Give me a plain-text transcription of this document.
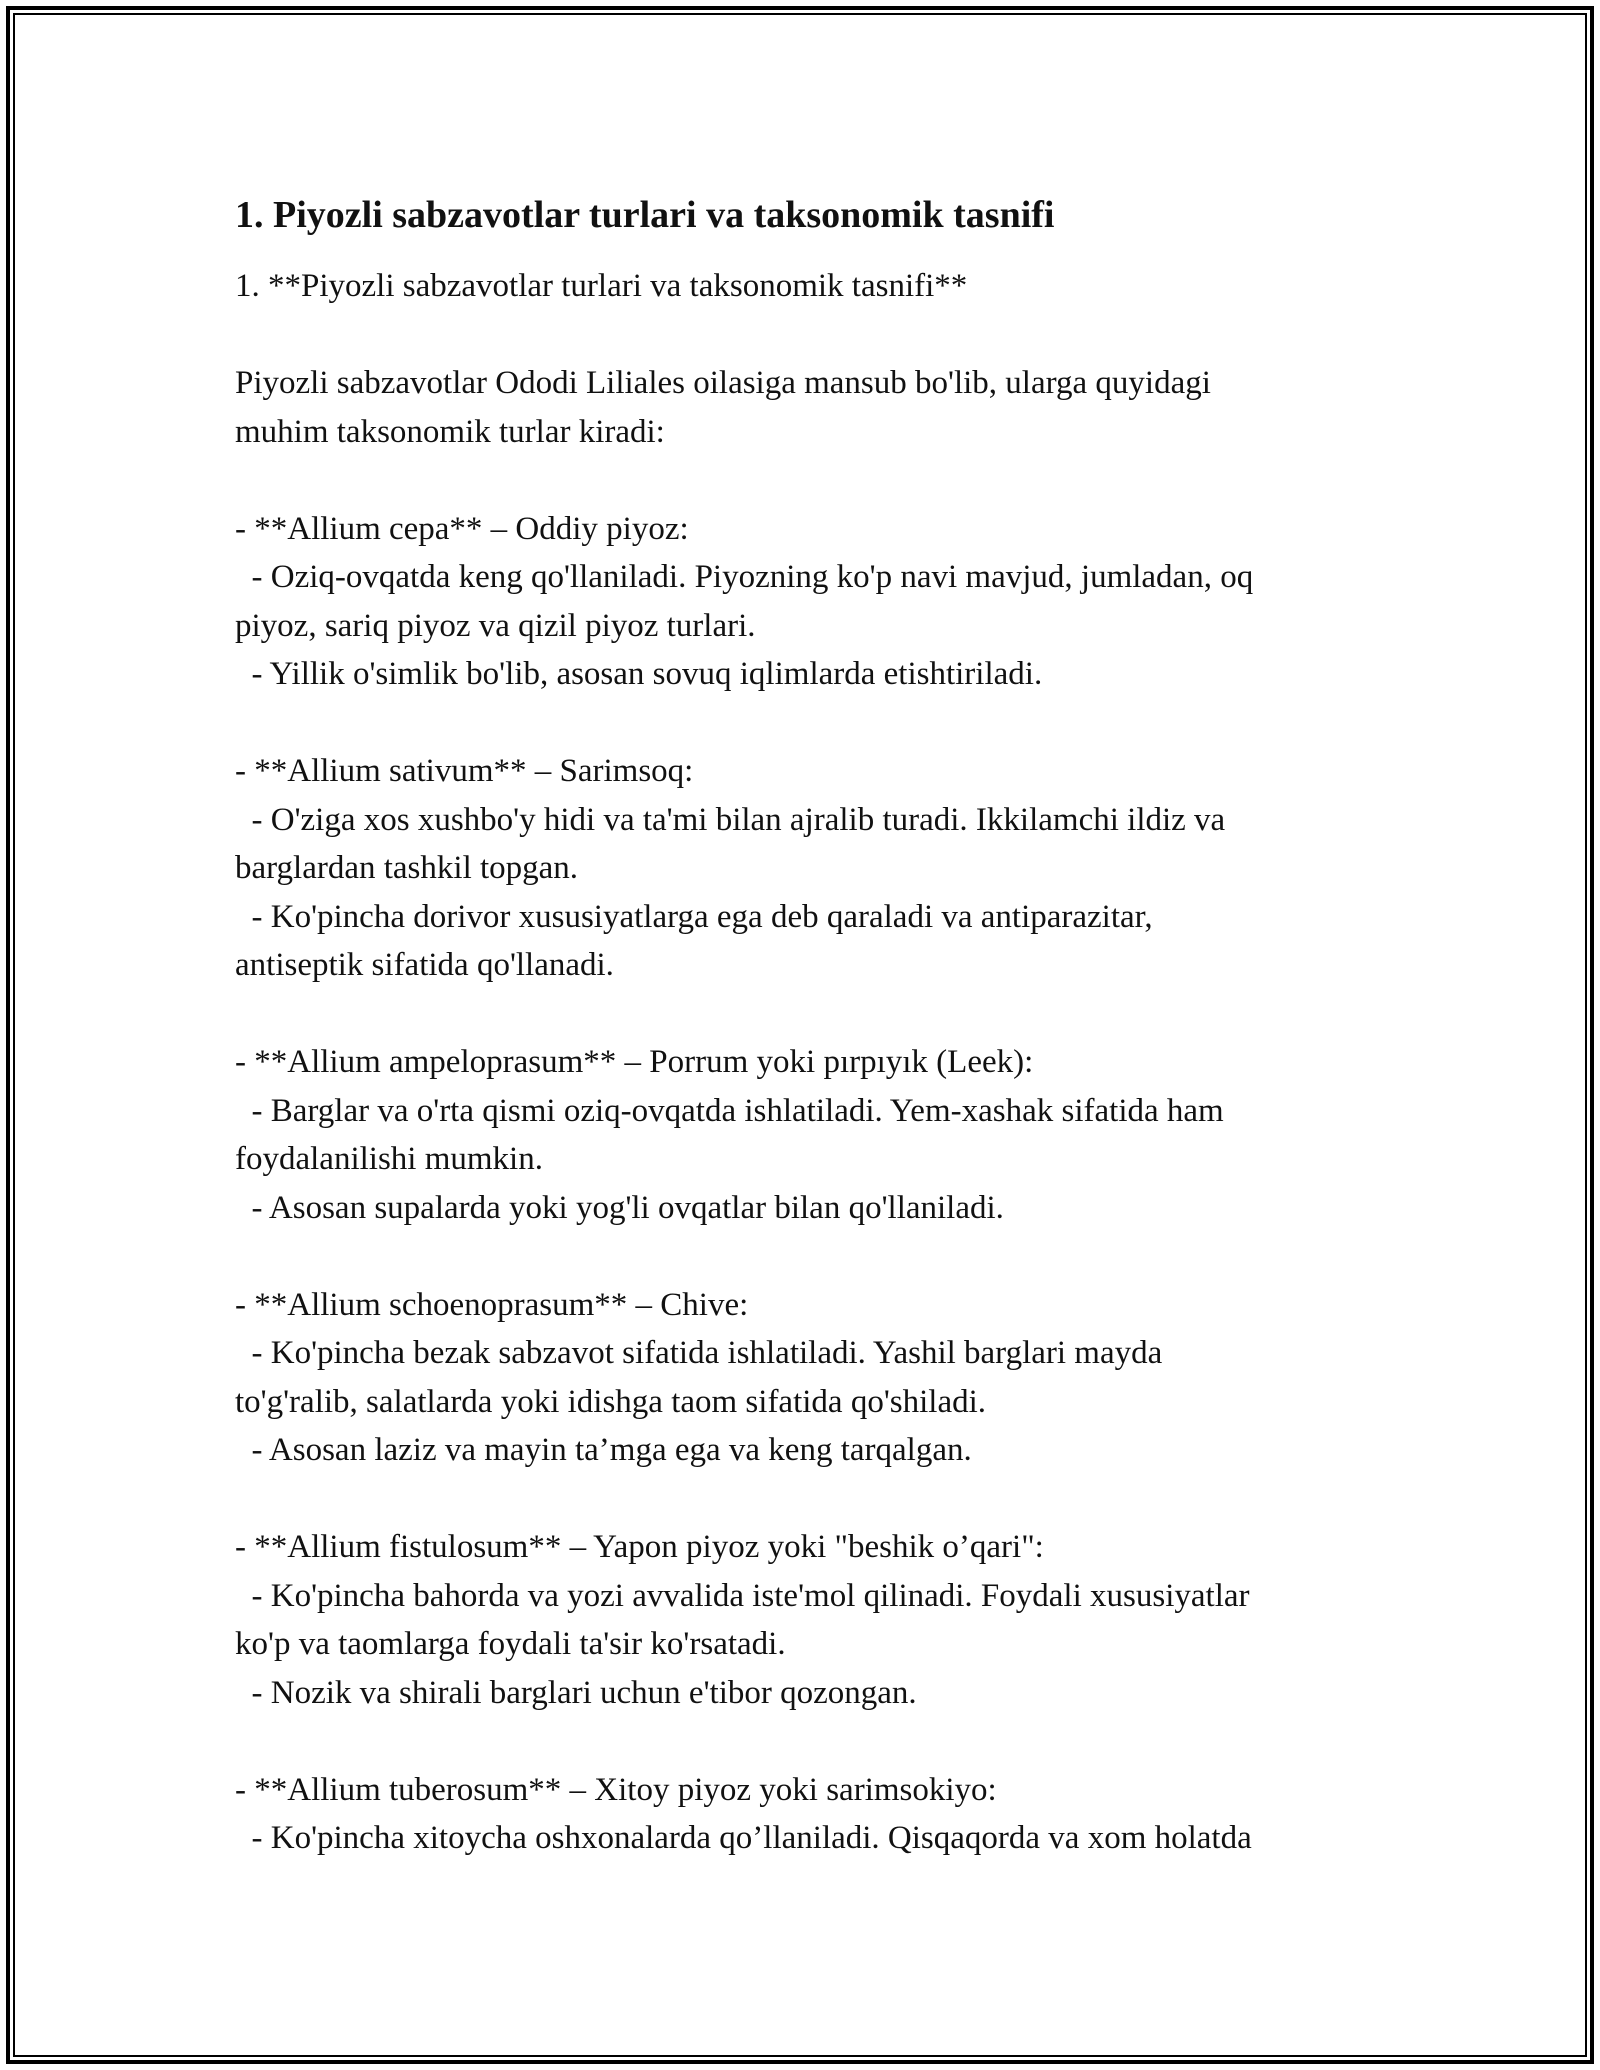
1. Piyozli sabzavotlar turlari va taksonomik tasnifi
1. **Piyozli sabzavotlar turlari va taksonomik tasnifi**
Piyozli sabzavotlar Ododi Liliales oilasiga mansub bo'lib, ularga quyidagi
muhim taksonomik turlar kiradi:
- **Allium cepa** – Oddiy piyoz:
- Oziq-ovqatda keng qo'llaniladi. Piyozning ko'p navi mavjud, jumladan, oq
piyoz, sariq piyoz va qizil piyoz turlari.
- Yillik o'simlik bo'lib, asosan sovuq iqlimlarda etishtiriladi.
- **Allium sativum** – Sarimsoq:
- O'ziga xos xushbo'y hidi va ta'mi bilan ajralib turadi. Ikkilamchi ildiz va
barglardan tashkil topgan.
- Ko'pincha dorivor xususiyatlarga ega deb qaraladi va antiparazitar,
antiseptik sifatida qo'llanadi.
- **Allium ampeloprasum** – Porrum yoki pırpıyık (Leek):
- Barglar va o'rta qismi oziq-ovqatda ishlatiladi. Yem-xashak sifatida ham
foydalanilishi mumkin.
- Asosan supalarda yoki yog'li ovqatlar bilan qo'llaniladi.
- **Allium schoenoprasum** – Chive:
- Ko'pincha bezak sabzavot sifatida ishlatiladi. Yashil barglari mayda
to'g'ralib, salatlarda yoki idishga taom sifatida qo'shiladi.
- Asosan laziz va mayin ta’mga ega va keng tarqalgan.
- **Allium fistulosum** – Yapon piyoz yoki "beshik o’qari":
- Ko'pincha bahorda va yozi avvalida iste'mol qilinadi. Foydali xususiyatlar
ko'p va taomlarga foydali ta'sir ko'rsatadi.
- Nozik va shirali barglari uchun e'tibor qozongan.
- **Allium tuberosum** – Xitoy piyoz yoki sarimsokiyo:
- Ko'pincha xitoycha oshxonalarda qo’llaniladi. Qisqaqorda va xom holatda
